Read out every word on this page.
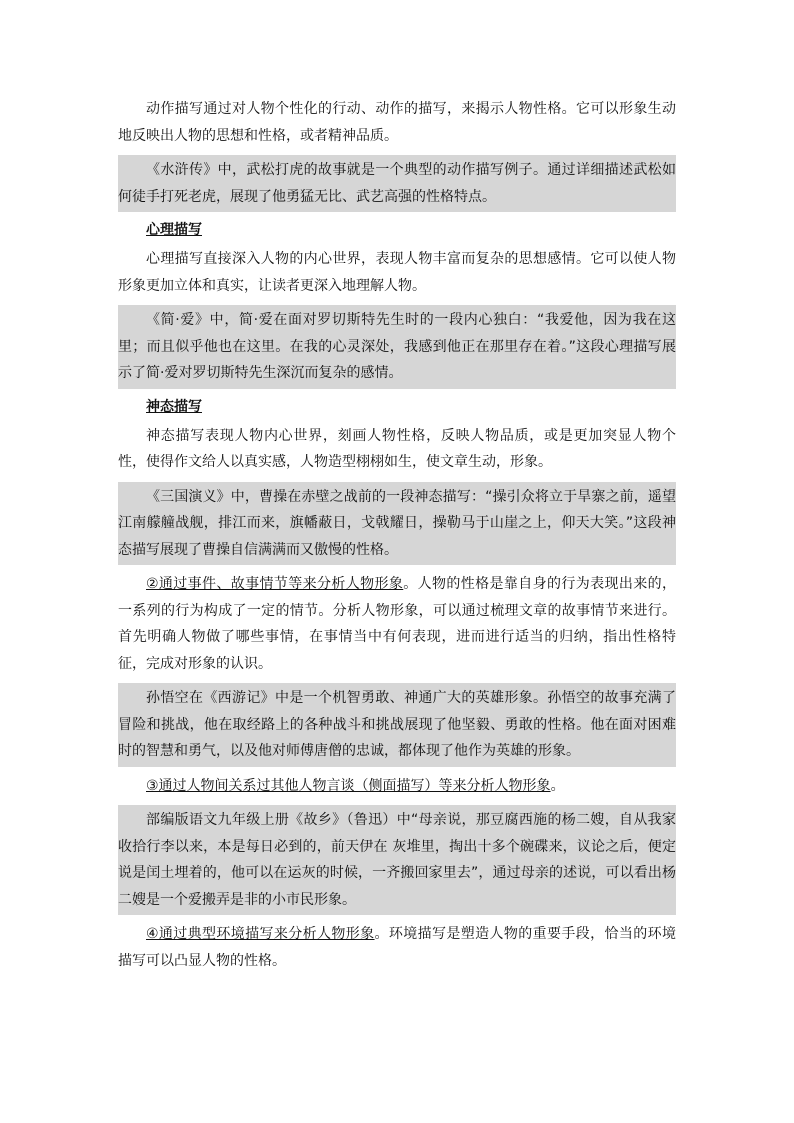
动作描写通过对人物个性化的行动、动作的描写，来揭示人物性格。它可以形象生动地反映出人物的思想和性格，或者精神品质。

《水浒传》中，武松打虎的故事就是一个典型的动作描写例子。通过详细描述武松如何徒手打死老虎，展现了他勇猛无比、武艺高强的性格特点。

心理描写

心理描写直接深入人物的内心世界，表现人物丰富而复杂的思想感情。它可以使人物形象更加立体和真实，让读者更深入地理解人物。

《简·爱》中，简·爱在面对罗切斯特先生时的一段内心独白：“我爱他，因为我在这里；而且似乎他也在这里。在我的心灵深处，我感到他正在那里存在着。”这段心理描写展示了简·爱对罗切斯特先生深沉而复杂的感情。

神态描写

神态描写表现人物内心世界，刻画人物性格，反映人物品质，或是更加突显人物个性，使得作文给人以真实感，人物造型栩栩如生，使文章生动，形象。

《三国演义》中，曹操在赤壁之战前的一段神态描写：“操引众将立于旱寨之前，遥望江南艨艟战舰，排江而来，旗幡蔽日，戈戟耀日，操勒马于山崖之上，仰天大笑。”这段神态描写展现了曹操自信满满而又傲慢的性格。

②通过事件、故事情节等来分析人物形象。人物的性格是靠自身的行为表现出来的，一系列的行为构成了一定的情节。分析人物形象，可以通过梳理文章的故事情节来进行。首先明确人物做了哪些事情，在事情当中有何表现，进而进行适当的归纳，指出性格特征，完成对形象的认识。

孙悟空在《西游记》中是一个机智勇敢、神通广大的英雄形象。孙悟空的故事充满了冒险和挑战，他在取经路上的各种战斗和挑战展现了他坚毅、勇敢的性格。他在面对困难时的智慧和勇气，以及他对师傅唐僧的忠诚，都体现了他作为英雄的形象。

③通过人物间关系过其他人物言谈（侧面描写）等来分析人物形象。

部编版语文九年级上册《故乡》（鲁迅）中“母亲说，那豆腐西施的杨二嫂，自从我家收拾行李以来，本是每日必到的，前天伊在 灰堆里，掏出十多个碗碟来，议论之后，便定说是闰土埋着的，他可以在运灰的时候，一齐搬回家里去”，通过母亲的述说，可以看出杨二嫂是一个爱搬弄是非的小市民形象。

④通过典型环境描写来分析人物形象。环境描写是塑造人物的重要手段，恰当的环境描写可以凸显人物的性格。
